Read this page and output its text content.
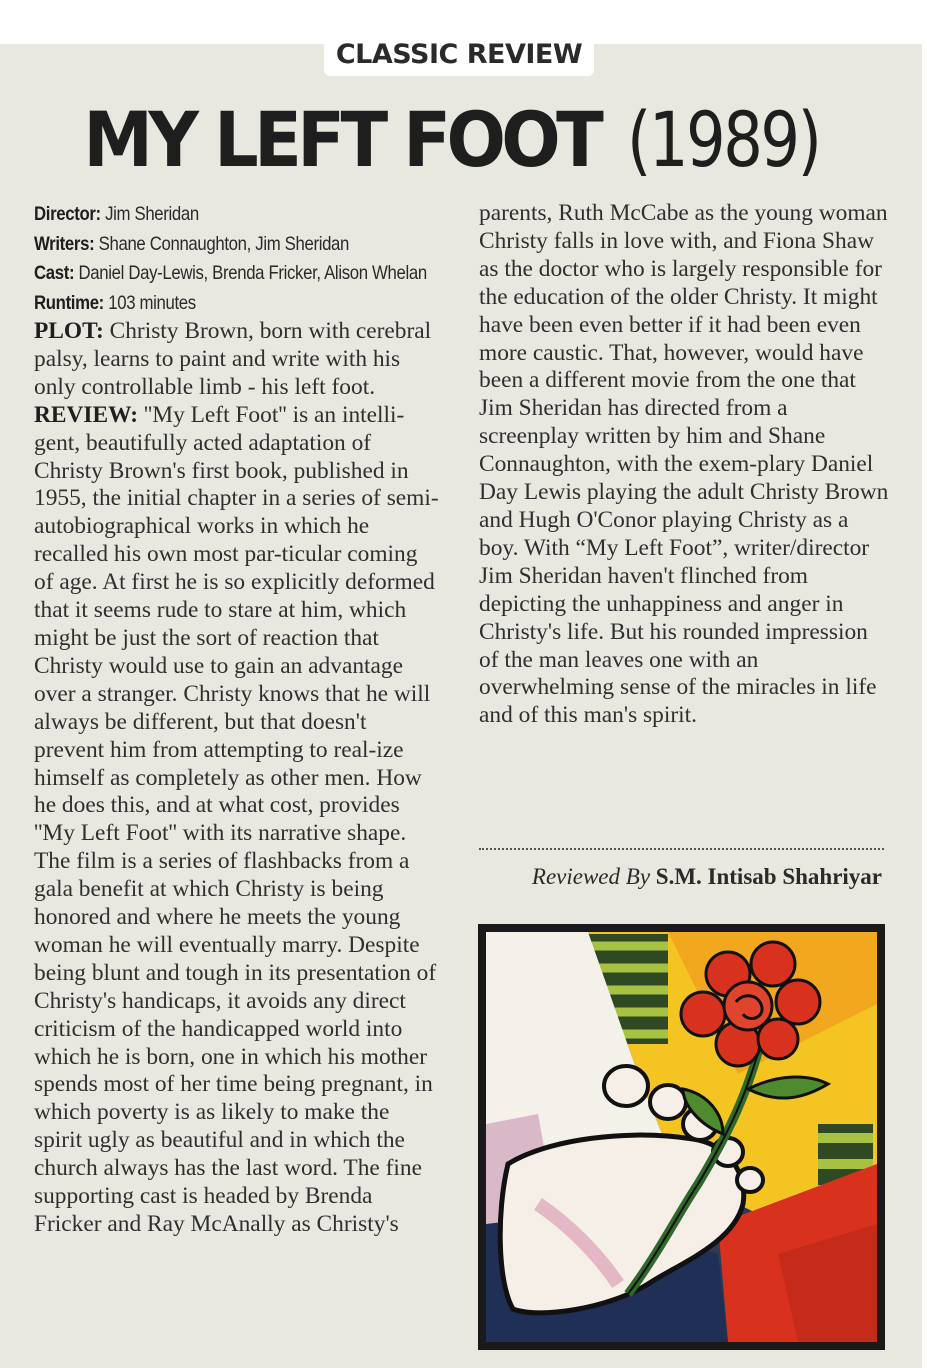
CLASSIC REVIEW
MY LEFT FOOT (1989)
Director: Jim Sheridan
Writers: Shane Connaughton, Jim Sheridan
Cast: Daniel Day-Lewis, Brenda Fricker, Alison Whelan
Runtime: 103 minutes
PLOT: Christy Brown, born with cerebral palsy, learns to paint and write with his only controllable limb - his left foot.
REVIEW: ''My Left Foot'' is an intelli-gent, beautifully acted adaptation of Christy Brown's first book, published in 1955, the initial chapter in a series of semi-autobiographical works in which he recalled his own most par-ticular coming of age. At first he is so explicitly deformed that it seems rude to stare at him, which might be just the sort of reaction that Christy would use to gain an advantage over a stranger. Christy knows that he will always be different, but that doesn't prevent him from attempting to real-ize himself as completely as other men. How he does this, and at what cost, provides ''My Left Foot'' with its narrative shape. The film is a series of flashbacks from a gala benefit at which Christy is being honored and where he meets the young woman he will eventually marry. Despite being blunt and tough in its presentation of Christy's handicaps, it avoids any direct criticism of the handicapped world into which he is born, one in which his mother spends most of her time being pregnant, in which poverty is as likely to make the spirit ugly as beautiful and in which the church always has the last word. The fine supporting cast is headed by Brenda Fricker and Ray McAnally as Christy's
parents, Ruth McCabe as the young woman Christy falls in love with, and Fiona Shaw as the doctor who is largely responsible for the education of the older Christy. It might have been even better if it had been even more caustic. That, however, would have been a different movie from the one that Jim Sheridan has directed from a screenplay written by him and Shane Connaughton, with the exem-plary Daniel Day Lewis playing the adult Christy Brown and Hugh O'Conor playing Christy as a boy. With “My Left Foot”, writer/director Jim Sheridan haven't flinched from depicting the unhappiness and anger in Christy's life. But his rounded impression of the man leaves one with an overwhelming sense of the miracles in life and of this man's spirit.
Reviewed By S.M. Intisab Shahriyar
